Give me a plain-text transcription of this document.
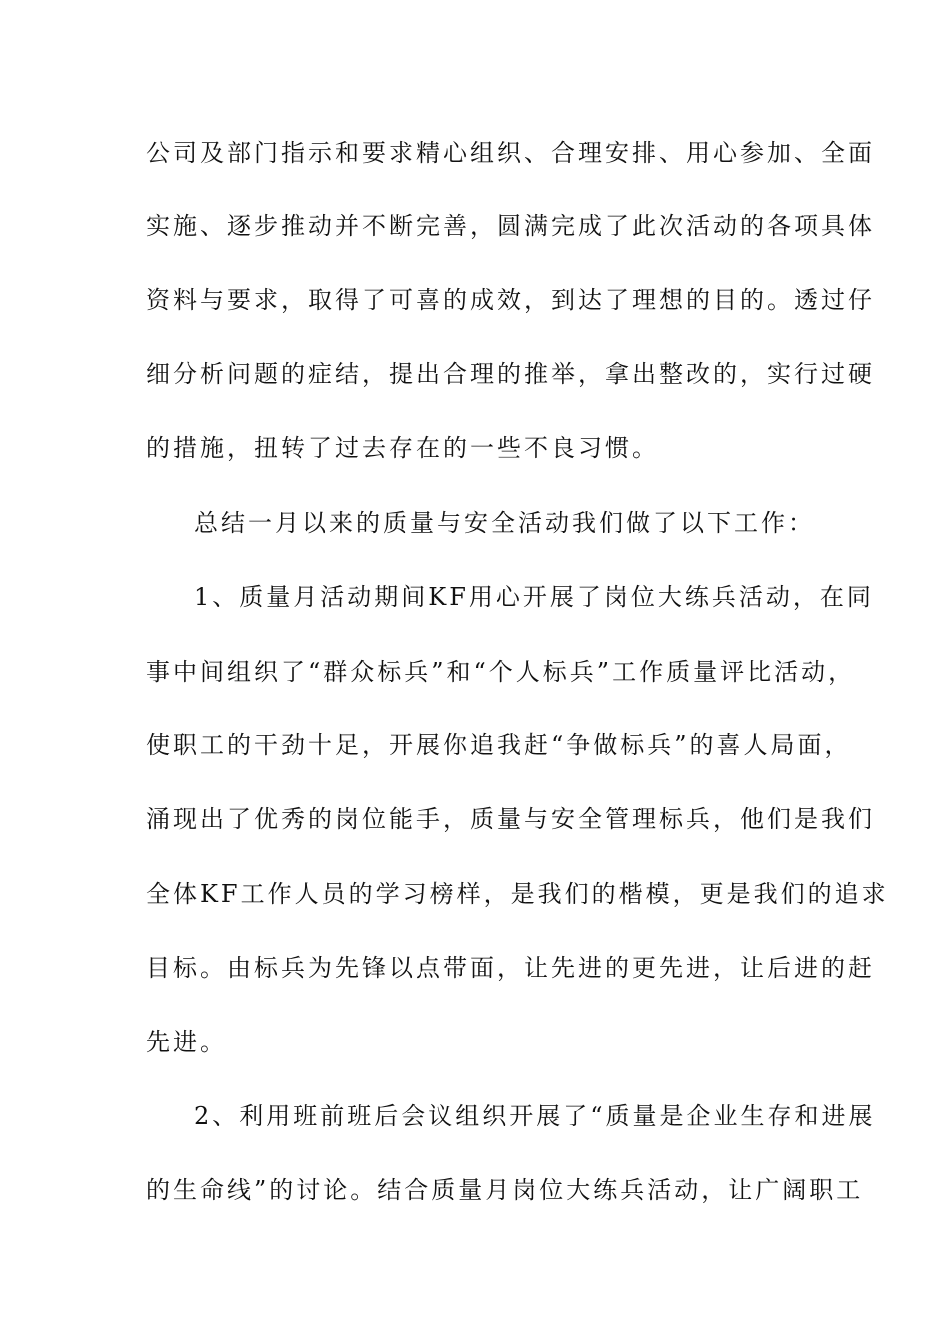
公司及部门指示和要求精心组织、合理安排、用心参加、全面
实施、逐步推动并不断完善，圆满完成了此次活动的各项具体
资料与要求，取得了可喜的成效，到达了理想的目的。透过仔
细分析问题的症结，提出合理的推举，拿出整改的，实行过硬
的措施，扭转了过去存在的一些不良习惯。
总结一月以来的质量与安全活动我们做了以下工作：
1、质量月活动期间KF用心开展了岗位大练兵活动，在同
事中间组织了“群众标兵”和“个人标兵”工作质量评比活动，
使职工的干劲十足，开展你追我赶“争做标兵”的喜人局面，
涌现出了优秀的岗位能手，质量与安全管理标兵，他们是我们
全体KF工作人员的学习榜样，是我们的楷模，更是我们的追求
目标。由标兵为先锋以点带面，让先进的更先进，让后进的赶
先进。
2、利用班前班后会议组织开展了“质量是企业生存和进展
的生命线”的讨论。结合质量月岗位大练兵活动，让广阔职工
